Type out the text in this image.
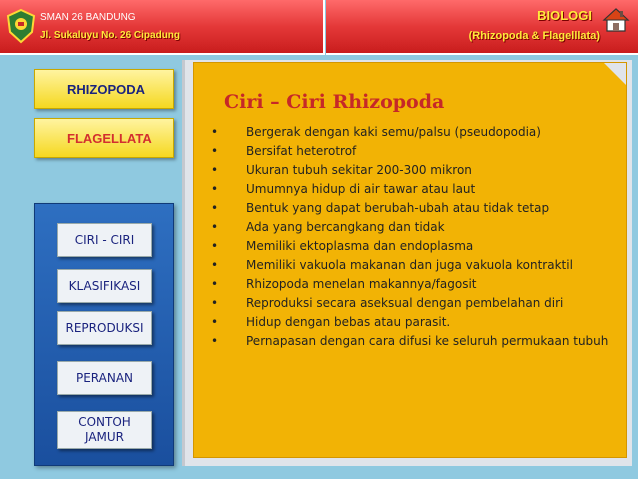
SMAN 26 BANDUNG
Jl. Sukaluyu No. 26 Cipadung
BIOLOGI
(Rhizopoda & Flagelllata)
RHIZOPODA
FLAGELLATA
CIRI - CIRI
KLASIFIKASI
REPRODUKSI
PERANAN
CONTOH JAMUR
Ciri – Ciri Rhizopoda
• Bergerak dengan kaki semu/palsu (pseudopodia)
• Bersifat heterotrof
• Ukuran tubuh sekitar 200-300 mikron
• Umumnya hidup di air tawar atau laut
• Bentuk yang dapat berubah-ubah atau tidak tetap
• Ada yang bercangkang dan tidak
• Memiliki ektoplasma dan endoplasma
• Memiliki vakuola makanan dan juga vakuola kontraktil
• Rhizopoda menelan makannya/fagosit
• Reproduksi secara aseksual dengan pembelahan diri
• Hidup dengan bebas atau parasit.
• Pernapasan dengan cara difusi ke seluruh permukaan tubuh
